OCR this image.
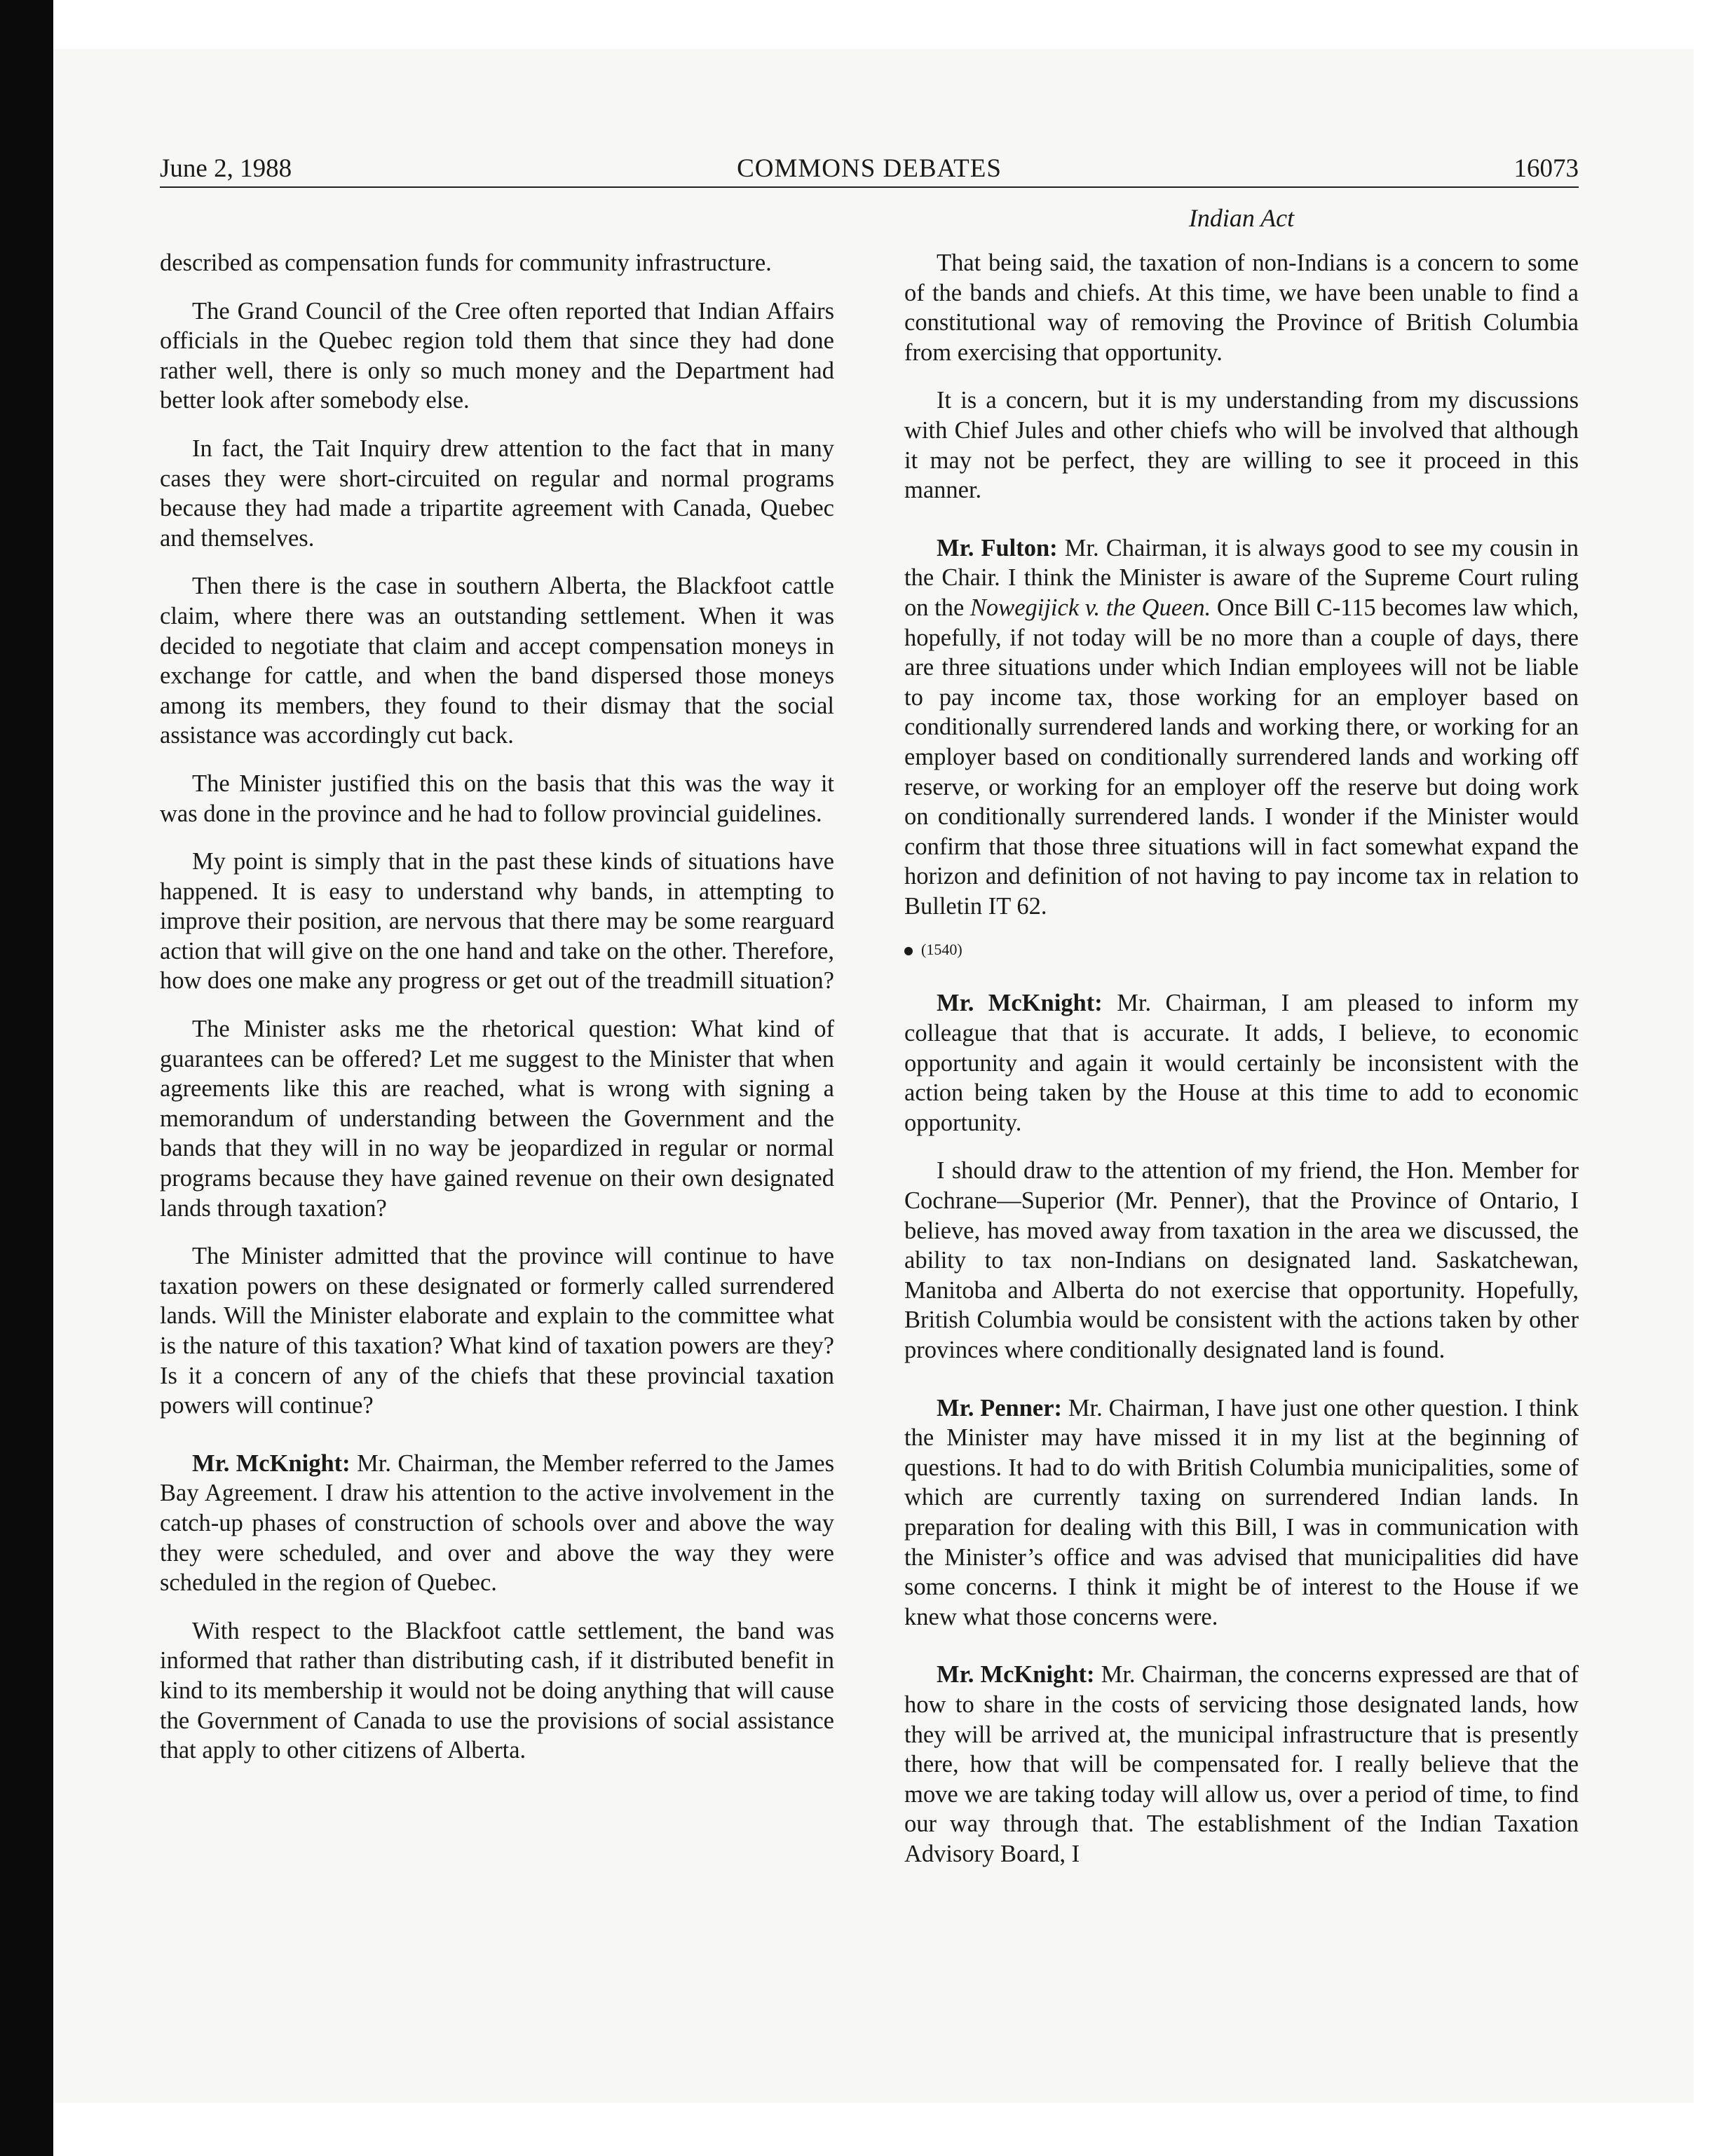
June 2, 1988	COMMONS DEBATES	16073
Indian Act

described as compensation funds for community infrastructure.

The Grand Council of the Cree often reported that Indian Affairs officials in the Quebec region told them that since they had done rather well, there is only so much money and the Department had better look after somebody else.

In fact, the Tait Inquiry drew attention to the fact that in many cases they were short-circuited on regular and normal programs because they had made a tripartite agreement with Canada, Quebec and themselves.

Then there is the case in southern Alberta, the Blackfoot cattle claim, where there was an outstanding settlement. When it was decided to negotiate that claim and accept compensation moneys in exchange for cattle, and when the band dispersed those moneys among its members, they found to their dismay that the social assistance was accordingly cut back.

The Minister justified this on the basis that this was the way it was done in the province and he had to follow provincial guidelines.

My point is simply that in the past these kinds of situations have happened. It is easy to understand why bands, in attempting to improve their position, are nervous that there may be some rearguard action that will give on the one hand and take on the other. Therefore, how does one make any progress or get out of the treadmill situation?

The Minister asks me the rhetorical question: What kind of guarantees can be offered? Let me suggest to the Minister that when agreements like this are reached, what is wrong with signing a memorandum of understanding between the Government and the bands that they will in no way be jeopardized in regular or normal programs because they have gained revenue on their own designated lands through taxation?

The Minister admitted that the province will continue to have taxation powers on these designated or formerly called surrendered lands. Will the Minister elaborate and explain to the committee what is the nature of this taxation? What kind of taxation powers are they? Is it a concern of any of the chiefs that these provincial taxation powers will continue?

Mr. McKnight: Mr. Chairman, the Member referred to the James Bay Agreement. I draw his attention to the active involvement in the catch-up phases of construction of schools over and above the way they were scheduled, and over and above the way they were scheduled in the region of Quebec.

With respect to the Blackfoot cattle settlement, the band was informed that rather than distributing cash, if it distributed benefit in kind to its membership it would not be doing anything that will cause the Government of Canada to use the provisions of social assistance that apply to other citizens of Alberta.

That being said, the taxation of non-Indians is a concern to some of the bands and chiefs. At this time, we have been unable to find a constitutional way of removing the Province of British Columbia from exercising that opportunity.

It is a concern, but it is my understanding from my discussions with Chief Jules and other chiefs who will be involved that although it may not be perfect, they are willing to see it proceed in this manner.

Mr. Fulton: Mr. Chairman, it is always good to see my cousin in the Chair. I think the Minister is aware of the Supreme Court ruling on the Nowegijick v. the Queen. Once Bill C-115 becomes law which, hopefully, if not today will be no more than a couple of days, there are three situations under which Indian employees will not be liable to pay income tax, those working for an employer based on conditionally surrendered lands and working there, or working for an employer based on conditionally surrendered lands and working off reserve, or working for an employer off the reserve but doing work on conditionally surrendered lands. I wonder if the Minister would confirm that those three situations will in fact somewhat expand the horizon and definition of not having to pay income tax in relation to Bulletin IT 62.

(1540)

Mr. McKnight: Mr. Chairman, I am pleased to inform my colleague that that is accurate. It adds, I believe, to economic opportunity and again it would certainly be inconsistent with the action being taken by the House at this time to add to economic opportunity.

I should draw to the attention of my friend, the Hon. Member for Cochrane—Superior (Mr. Penner), that the Province of Ontario, I believe, has moved away from taxation in the area we discussed, the ability to tax non-Indians on designated land. Saskatchewan, Manitoba and Alberta do not exercise that opportunity. Hopefully, British Columbia would be consistent with the actions taken by other provinces where conditionally designated land is found.

Mr. Penner: Mr. Chairman, I have just one other question. I think the Minister may have missed it in my list at the beginning of questions. It had to do with British Columbia municipalities, some of which are currently taxing on surrendered Indian lands. In preparation for dealing with this Bill, I was in communication with the Minister’s office and was advised that municipalities did have some concerns. I think it might be of interest to the House if we knew what those concerns were.

Mr. McKnight: Mr. Chairman, the concerns expressed are that of how to share in the costs of servicing those designated lands, how they will be arrived at, the municipal infrastructure that is presently there, how that will be compensated for. I really believe that the move we are taking today will allow us, over a period of time, to find our way through that. The establishment of the Indian Taxation Advisory Board, I
